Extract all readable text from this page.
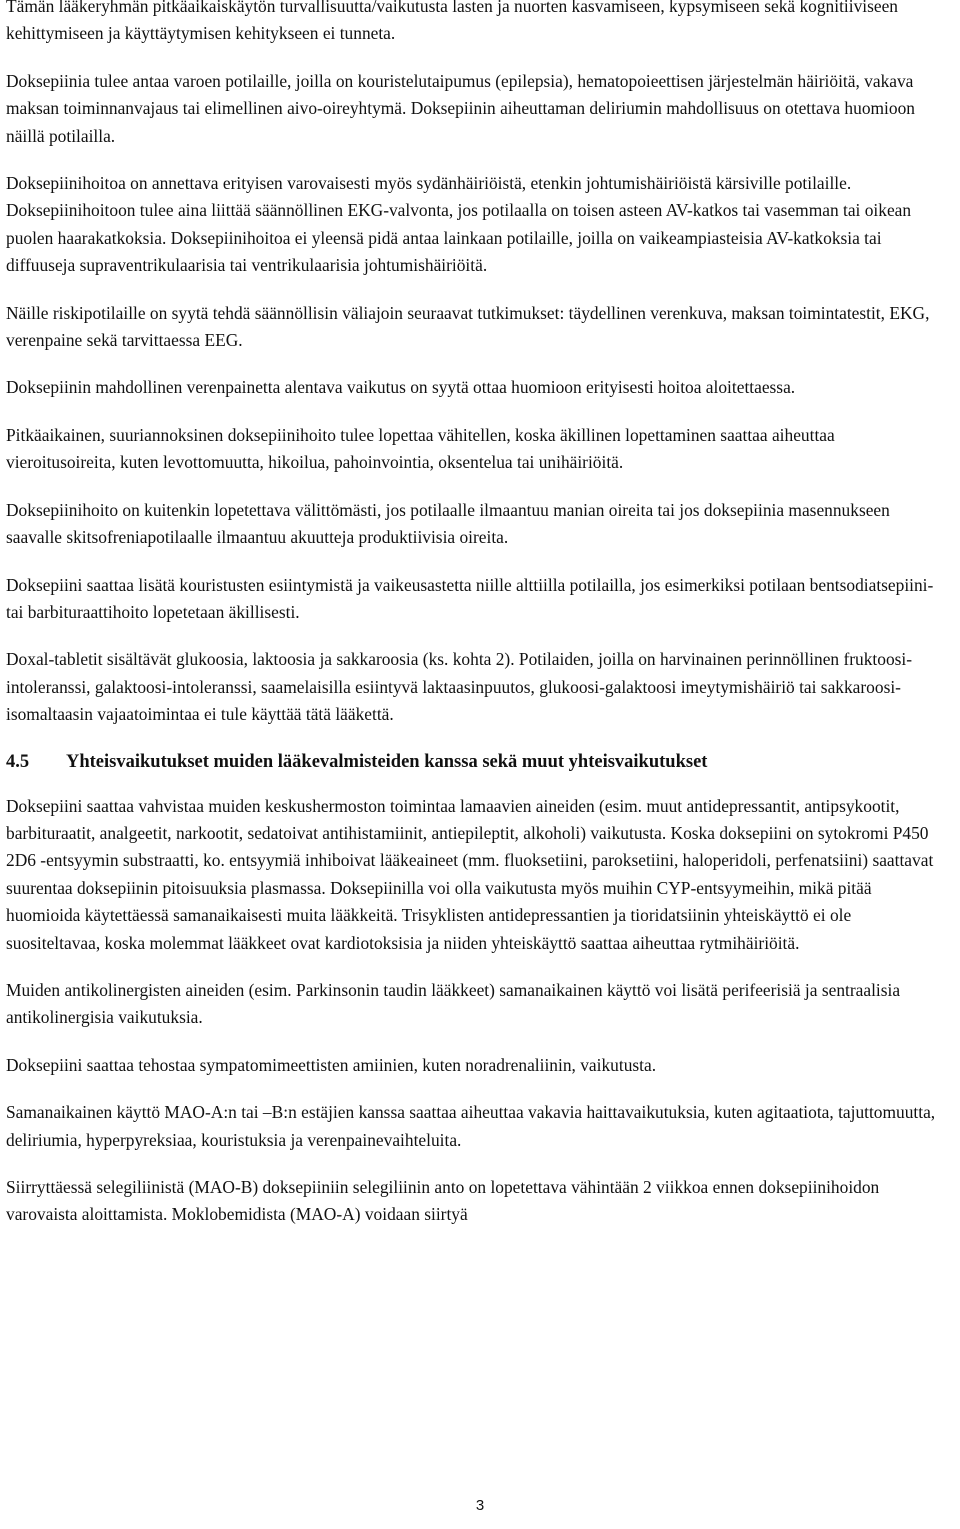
Tämän lääkeryhmän pitkäaikaiskäytön turvallisuutta/vaikutusta lasten ja nuorten kasvamiseen, kypsymiseen sekä kognitiiviseen kehittymiseen ja käyttäytymisen kehitykseen ei tunneta.

Doksepiinia tulee antaa varoen potilaille, joilla on kouristelutaipumus (epilepsia), hematopoieettisen järjestelmän häiriöitä, vakava maksan toiminnanvajaus tai elimellinen aivo-oireyhtymä. Doksepiinin aiheuttaman deliriumin mahdollisuus on otettava huomioon näillä potilailla.

Doksepiinihoitoa on annettava erityisen varovaisesti myös sydänhäiriöistä, etenkin johtumishäiriöistä kärsiville potilaille. Doksepiinihoitoon tulee aina liittää säännöllinen EKG-valvonta, jos potilaalla on toisen asteen AV-katkos tai vasemman tai oikean puolen haarakatkoksia. Doksepiinihoitoa ei yleensä pidä antaa lainkaan potilaille, joilla on vaikeampiasteisia AV-katkoksia tai diffuuseja supraventrikulaarisia tai ventrikulaarisia johtumishäiriöitä.

Näille riskipotilaille on syytä tehdä säännöllisin väliajoin seuraavat tutkimukset: täydellinen verenkuva, maksan toimintatestit, EKG, verenpaine sekä tarvittaessa EEG.

Doksepiinin mahdollinen verenpainetta alentava vaikutus on syytä ottaa huomioon erityisesti hoitoa aloitettaessa.

Pitkäaikainen, suuriannoksinen doksepiinihoito tulee lopettaa vähitellen, koska äkillinen lopettaminen saattaa aiheuttaa vieroitusoireita, kuten levottomuutta, hikoilua, pahoinvointia, oksentelua tai unihäiriöitä.

Doksepiinihoito on kuitenkin lopetettava välittömästi, jos potilaalle ilmaantuu manian oireita tai jos doksepiinia masennukseen saavalle skitsofreniapotilaalle ilmaantuu akuutteja produktiivisia oireita.

Doksepiini saattaa lisätä kouristusten esiintymistä ja vaikeusastetta niille alttiilla potilailla, jos esimerkiksi potilaan bentsodiatsepiini- tai barbituraattihoito lopetetaan äkillisesti.

Doxal-tabletit sisältävät glukoosia, laktoosia ja sakkaroosia (ks. kohta 2). Potilaiden, joilla on harvinainen perinnöllinen fruktoosi-intoleranssi, galaktoosi-intoleranssi, saamelaisilla esiintyvä laktaasinpuutos, glukoosi-galaktoosi imeytymishäiriö tai sakkaroosi-isomaltaasin vajaatoimintaa ei tule käyttää tätä lääkettä.

4.5 Yhteisvaikutukset muiden lääkevalmisteiden kanssa sekä muut yhteisvaikutukset

Doksepiini saattaa vahvistaa muiden keskushermoston toimintaa lamaavien aineiden (esim. muut antidepressantit, antipsykootit, barbituraatit, analgeetit, narkootit, sedatoivat antihistamiinit, antiepileptit, alkoholi) vaikutusta. Koska doksepiini on sytokromi P450 2D6 -entsyymin substraatti, ko. entsyymiä inhiboivat lääkeaineet (mm. fluoksetiini, paroksetiini, haloperidoli, perfenatsiini) saattavat suurentaa doksepiinin pitoisuuksia plasmassa. Doksepiinilla voi olla vaikutusta myös muihin CYP-entsyymeihin, mikä pitää huomioida käytettäessä samanaikaisesti muita lääkkeitä. Trisyklisten antidepressantien ja tioridatsiinin yhteiskäyttö ei ole suositeltavaa, koska molemmat lääkkeet ovat kardiotoksisia ja niiden yhteiskäyttö saattaa aiheuttaa rytmihäiriöitä.

Muiden antikolinergisten aineiden (esim. Parkinsonin taudin lääkkeet) samanaikainen käyttö voi lisätä perifeerisiä ja sentraalisia antikolinergisia vaikutuksia.

Doksepiini saattaa tehostaa sympatomimeettisten amiinien, kuten noradrenaliinin, vaikutusta.

Samanaikainen käyttö MAO-A:n tai –B:n estäjien kanssa saattaa aiheuttaa vakavia haittavaikutuksia, kuten agitaatiota, tajuttomuutta, deliriumia, hyperpyreksiaa, kouristuksia ja verenpainevaihteluita.

Siirryttäessä selegiliinistä (MAO-B) doksepiiniin selegiliinin anto on lopetettava vähintään 2 viikkoa ennen doksepiinihoidon varovaista aloittamista. Moklobemidista (MAO-A) voidaan siirtyä

3
